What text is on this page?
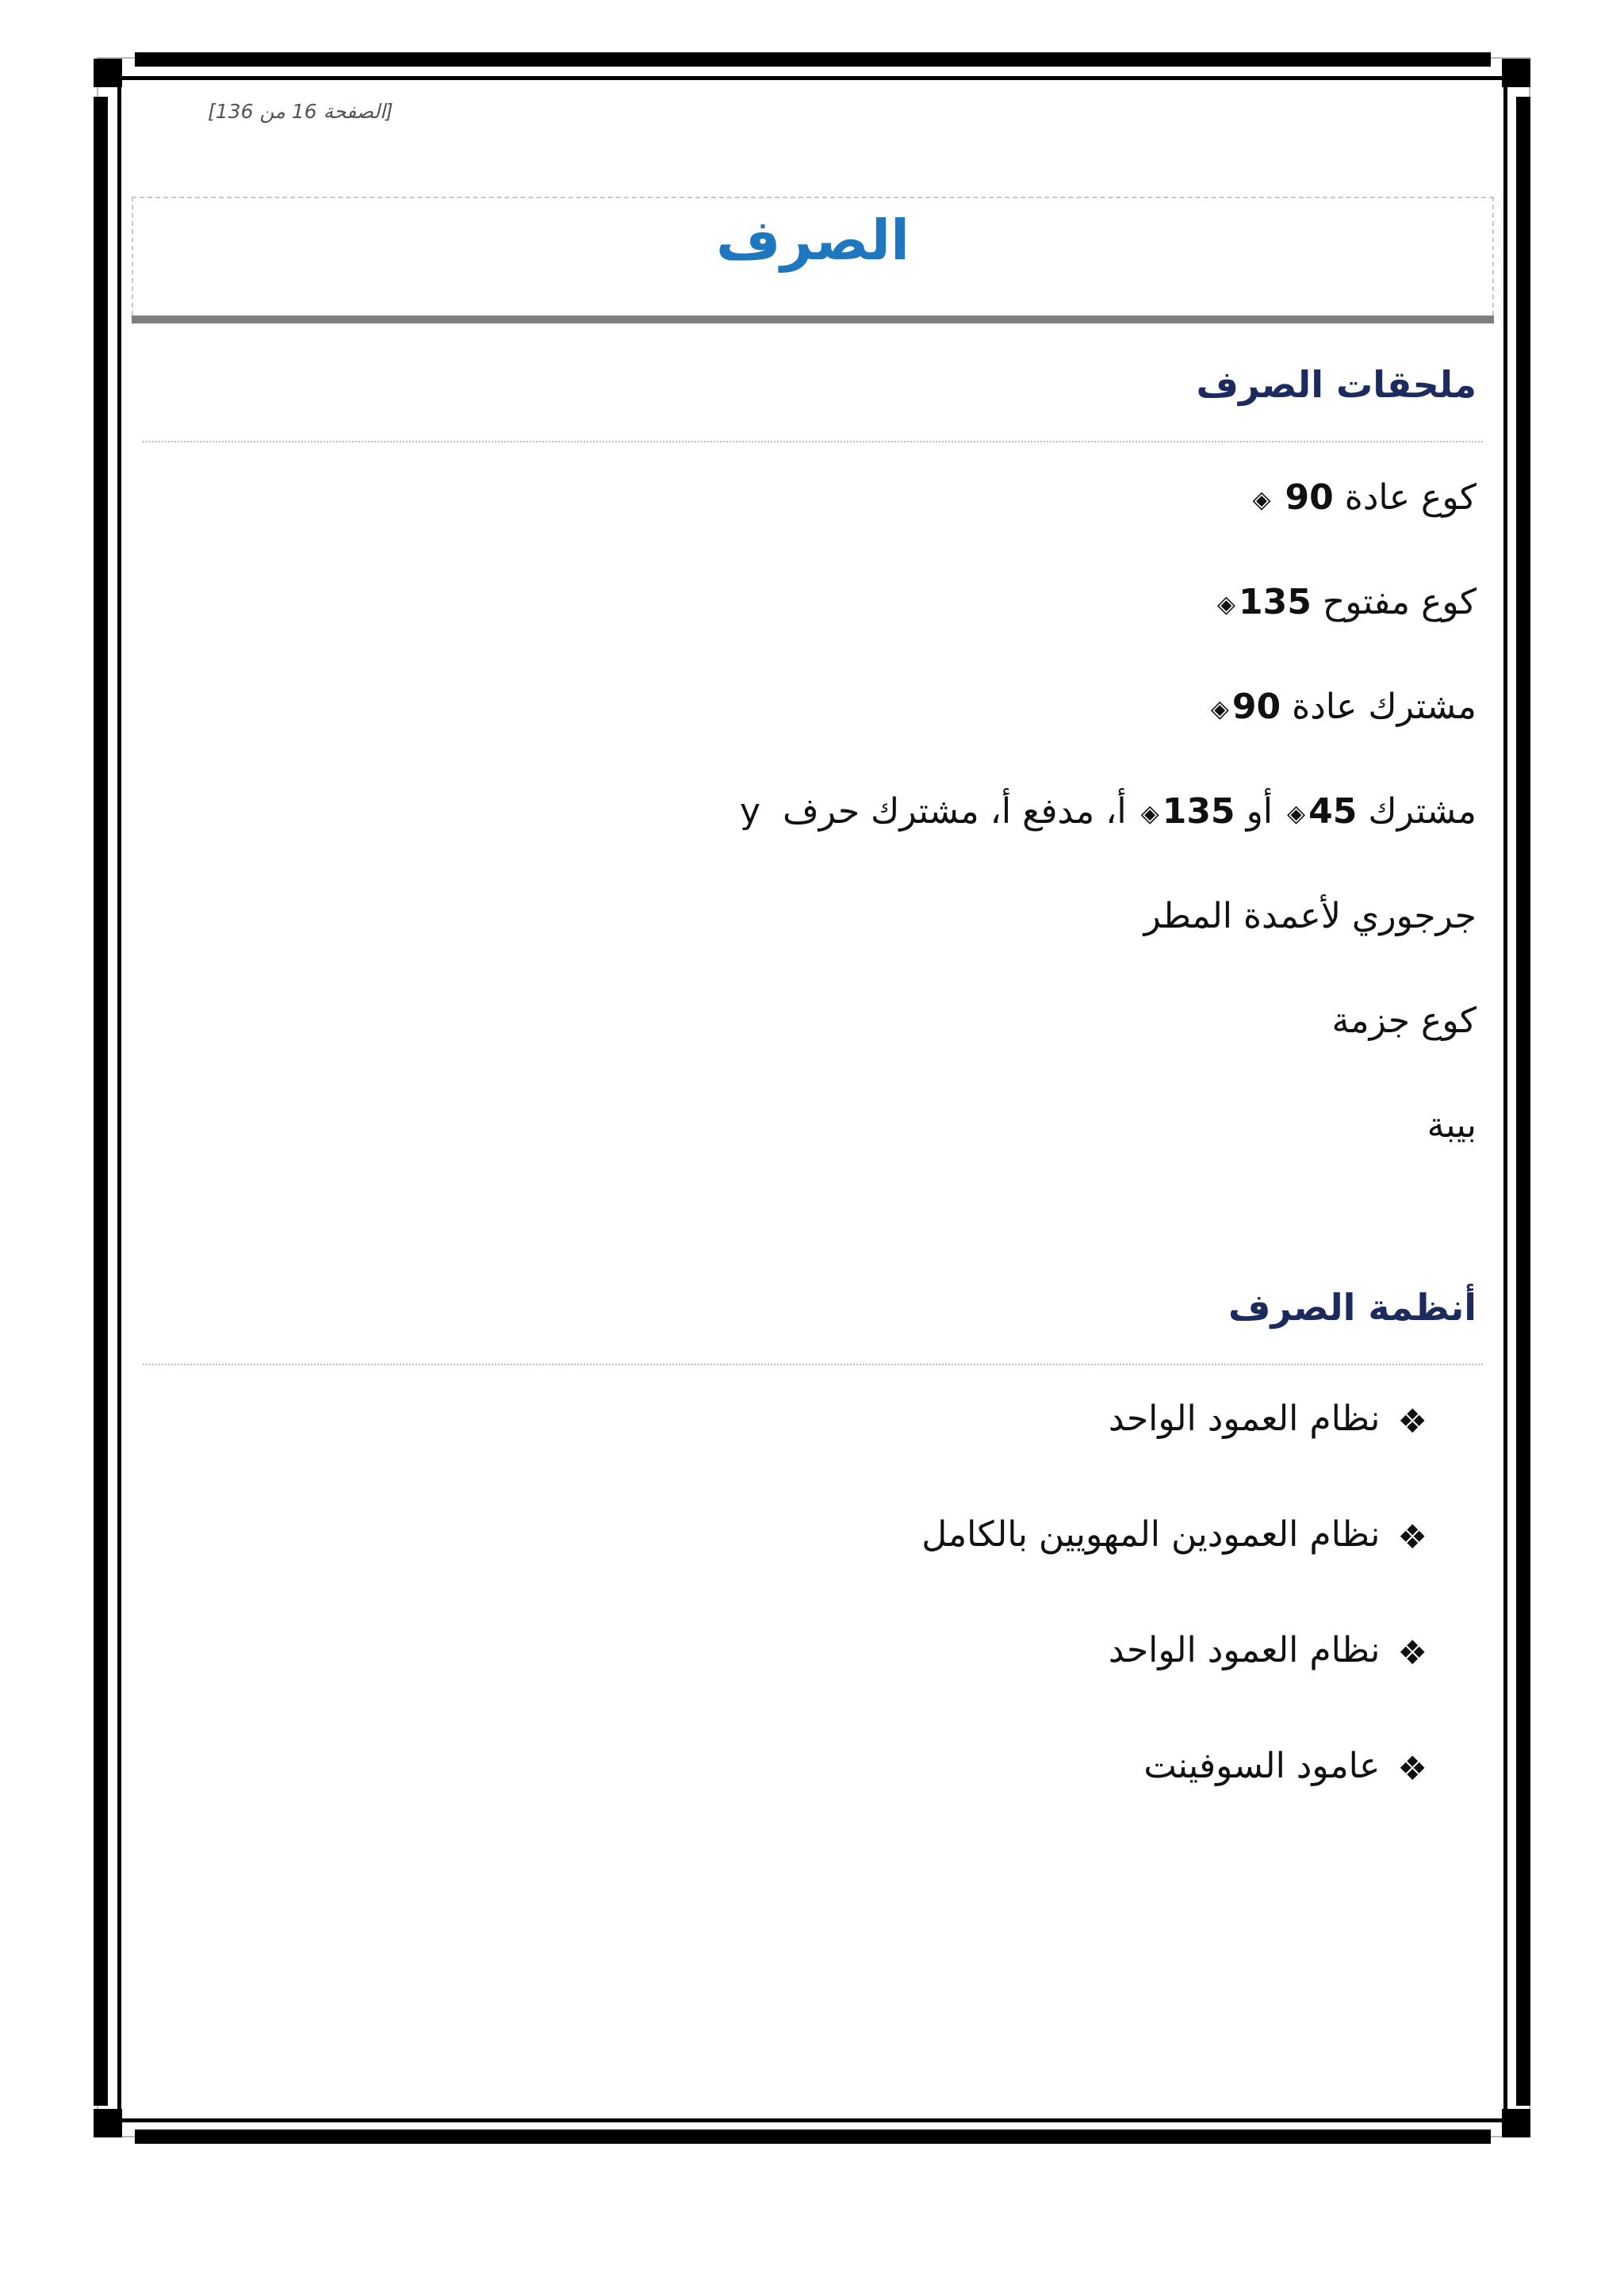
[الصفحة 16 من 136]
الصرف
ملحقات الصرف
كوع عادة 90 ◈
كوع مفتوح 135◈
مشترك عادة 90◈
مشترك 45◈ أو 135◈ أ، مدفع أ، مشترك حرف  y
جرجوري لأعمدة المطر
كوع جزمة
بيبة
أنظمة الصرف
❖نظام العمود الواحد
❖نظام العمودين المهويين بالكامل
❖نظام العمود الواحد
❖عامود السوفينت
